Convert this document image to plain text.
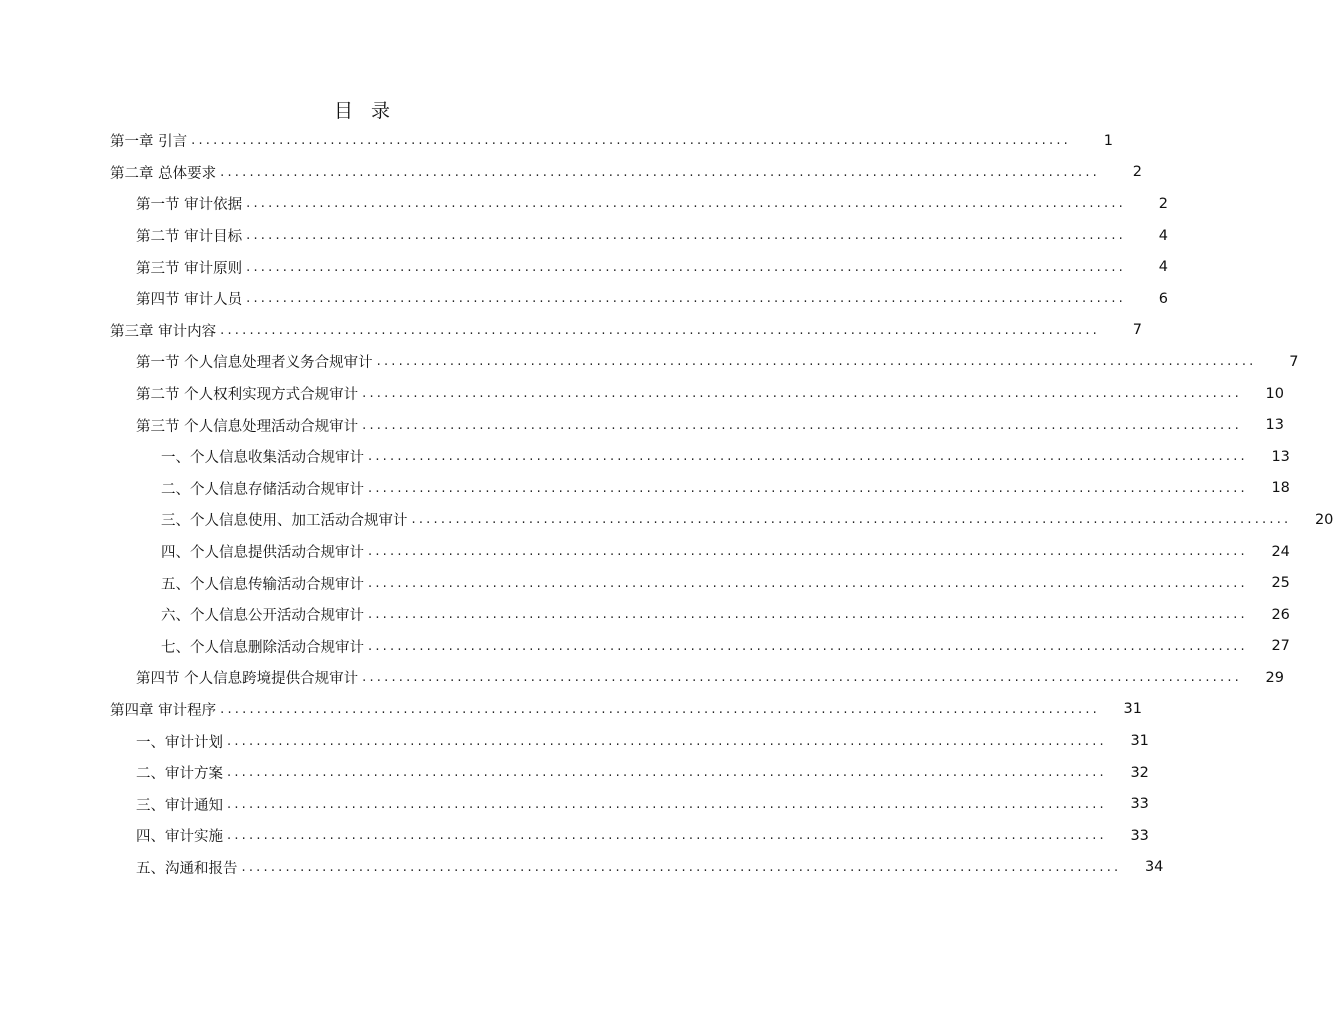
目录
第一章 引言 ........................................................................................................................	1
第二章 总体要求 ........................................................................................................................	2
第一节 审计依据 ........................................................................................................................	2
第二节 审计目标 ........................................................................................................................	4
第三节 审计原则 ........................................................................................................................	4
第四节 审计人员 ........................................................................................................................	6
第三章 审计内容 ........................................................................................................................	7
第一节 个人信息处理者义务合规审计 ........................................................................................................................	7
第二节 个人权利实现方式合规审计 ........................................................................................................................	10
第三节 个人信息处理活动合规审计 ........................................................................................................................	13
一、个人信息收集活动合规审计 ........................................................................................................................	13
二、个人信息存储活动合规审计 ........................................................................................................................	18
三、个人信息使用、加工活动合规审计 ........................................................................................................................	20
四、个人信息提供活动合规审计 ........................................................................................................................	24
五、个人信息传输活动合规审计 ........................................................................................................................	25
六、个人信息公开活动合规审计 ........................................................................................................................	26
七、个人信息删除活动合规审计 ........................................................................................................................	27
第四节 个人信息跨境提供合规审计 ........................................................................................................................	29
第四章 审计程序 ........................................................................................................................	31
一、审计计划 ........................................................................................................................	31
二、审计方案 ........................................................................................................................	32
三、审计通知 ........................................................................................................................	33
四、审计实施 ........................................................................................................................	33
五、沟通和报告 ........................................................................................................................	34
